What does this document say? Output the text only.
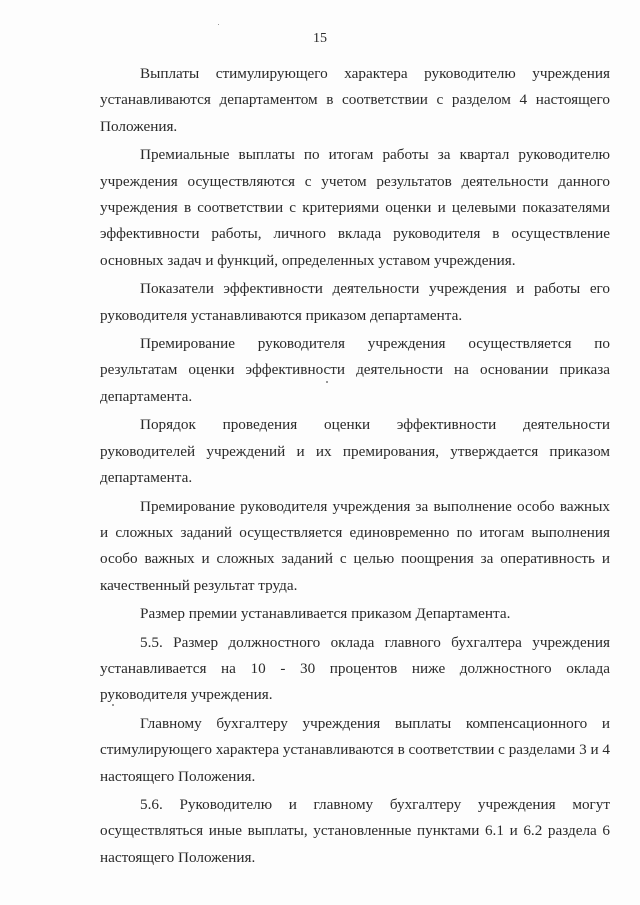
15

Выплаты стимулирующего характера руководителю учреждения устанавливаются департаментом в соответствии с разделом 4 настоящего Положения.

Премиальные выплаты по итогам работы за квартал руководителю учреждения осуществляются с учетом результатов деятельности данного учреждения в соответствии с критериями оценки и целевыми показателями эффективности работы, личного вклада руководителя в осуществление основных задач и функций, определенных уставом учреждения.

Показатели эффективности деятельности учреждения и работы его руководителя устанавливаются приказом департамента.

Премирование руководителя учреждения осуществляется по результатам оценки эффективности деятельности на основании приказа департамента.

Порядок проведения оценки эффективности деятельности руководителей учреждений и их премирования, утверждается приказом департамента.

Премирование руководителя учреждения за выполнение особо важных и сложных заданий осуществляется единовременно по итогам выполнения особо важных и сложных заданий с целью поощрения за оперативность и качественный результат труда.

Размер премии устанавливается приказом Департамента.

5.5. Размер должностного оклада главного бухгалтера учреждения устанавливается на 10 - 30 процентов ниже должностного оклада руководителя учреждения.

Главному бухгалтеру учреждения выплаты компенсационного и стимулирующего характера устанавливаются в соответствии с разделами 3 и 4 настоящего Положения.

5.6. Руководителю и главному бухгалтеру учреждения могут осуществляться иные выплаты, установленные пунктами 6.1 и 6.2 раздела 6 настоящего Положения.
